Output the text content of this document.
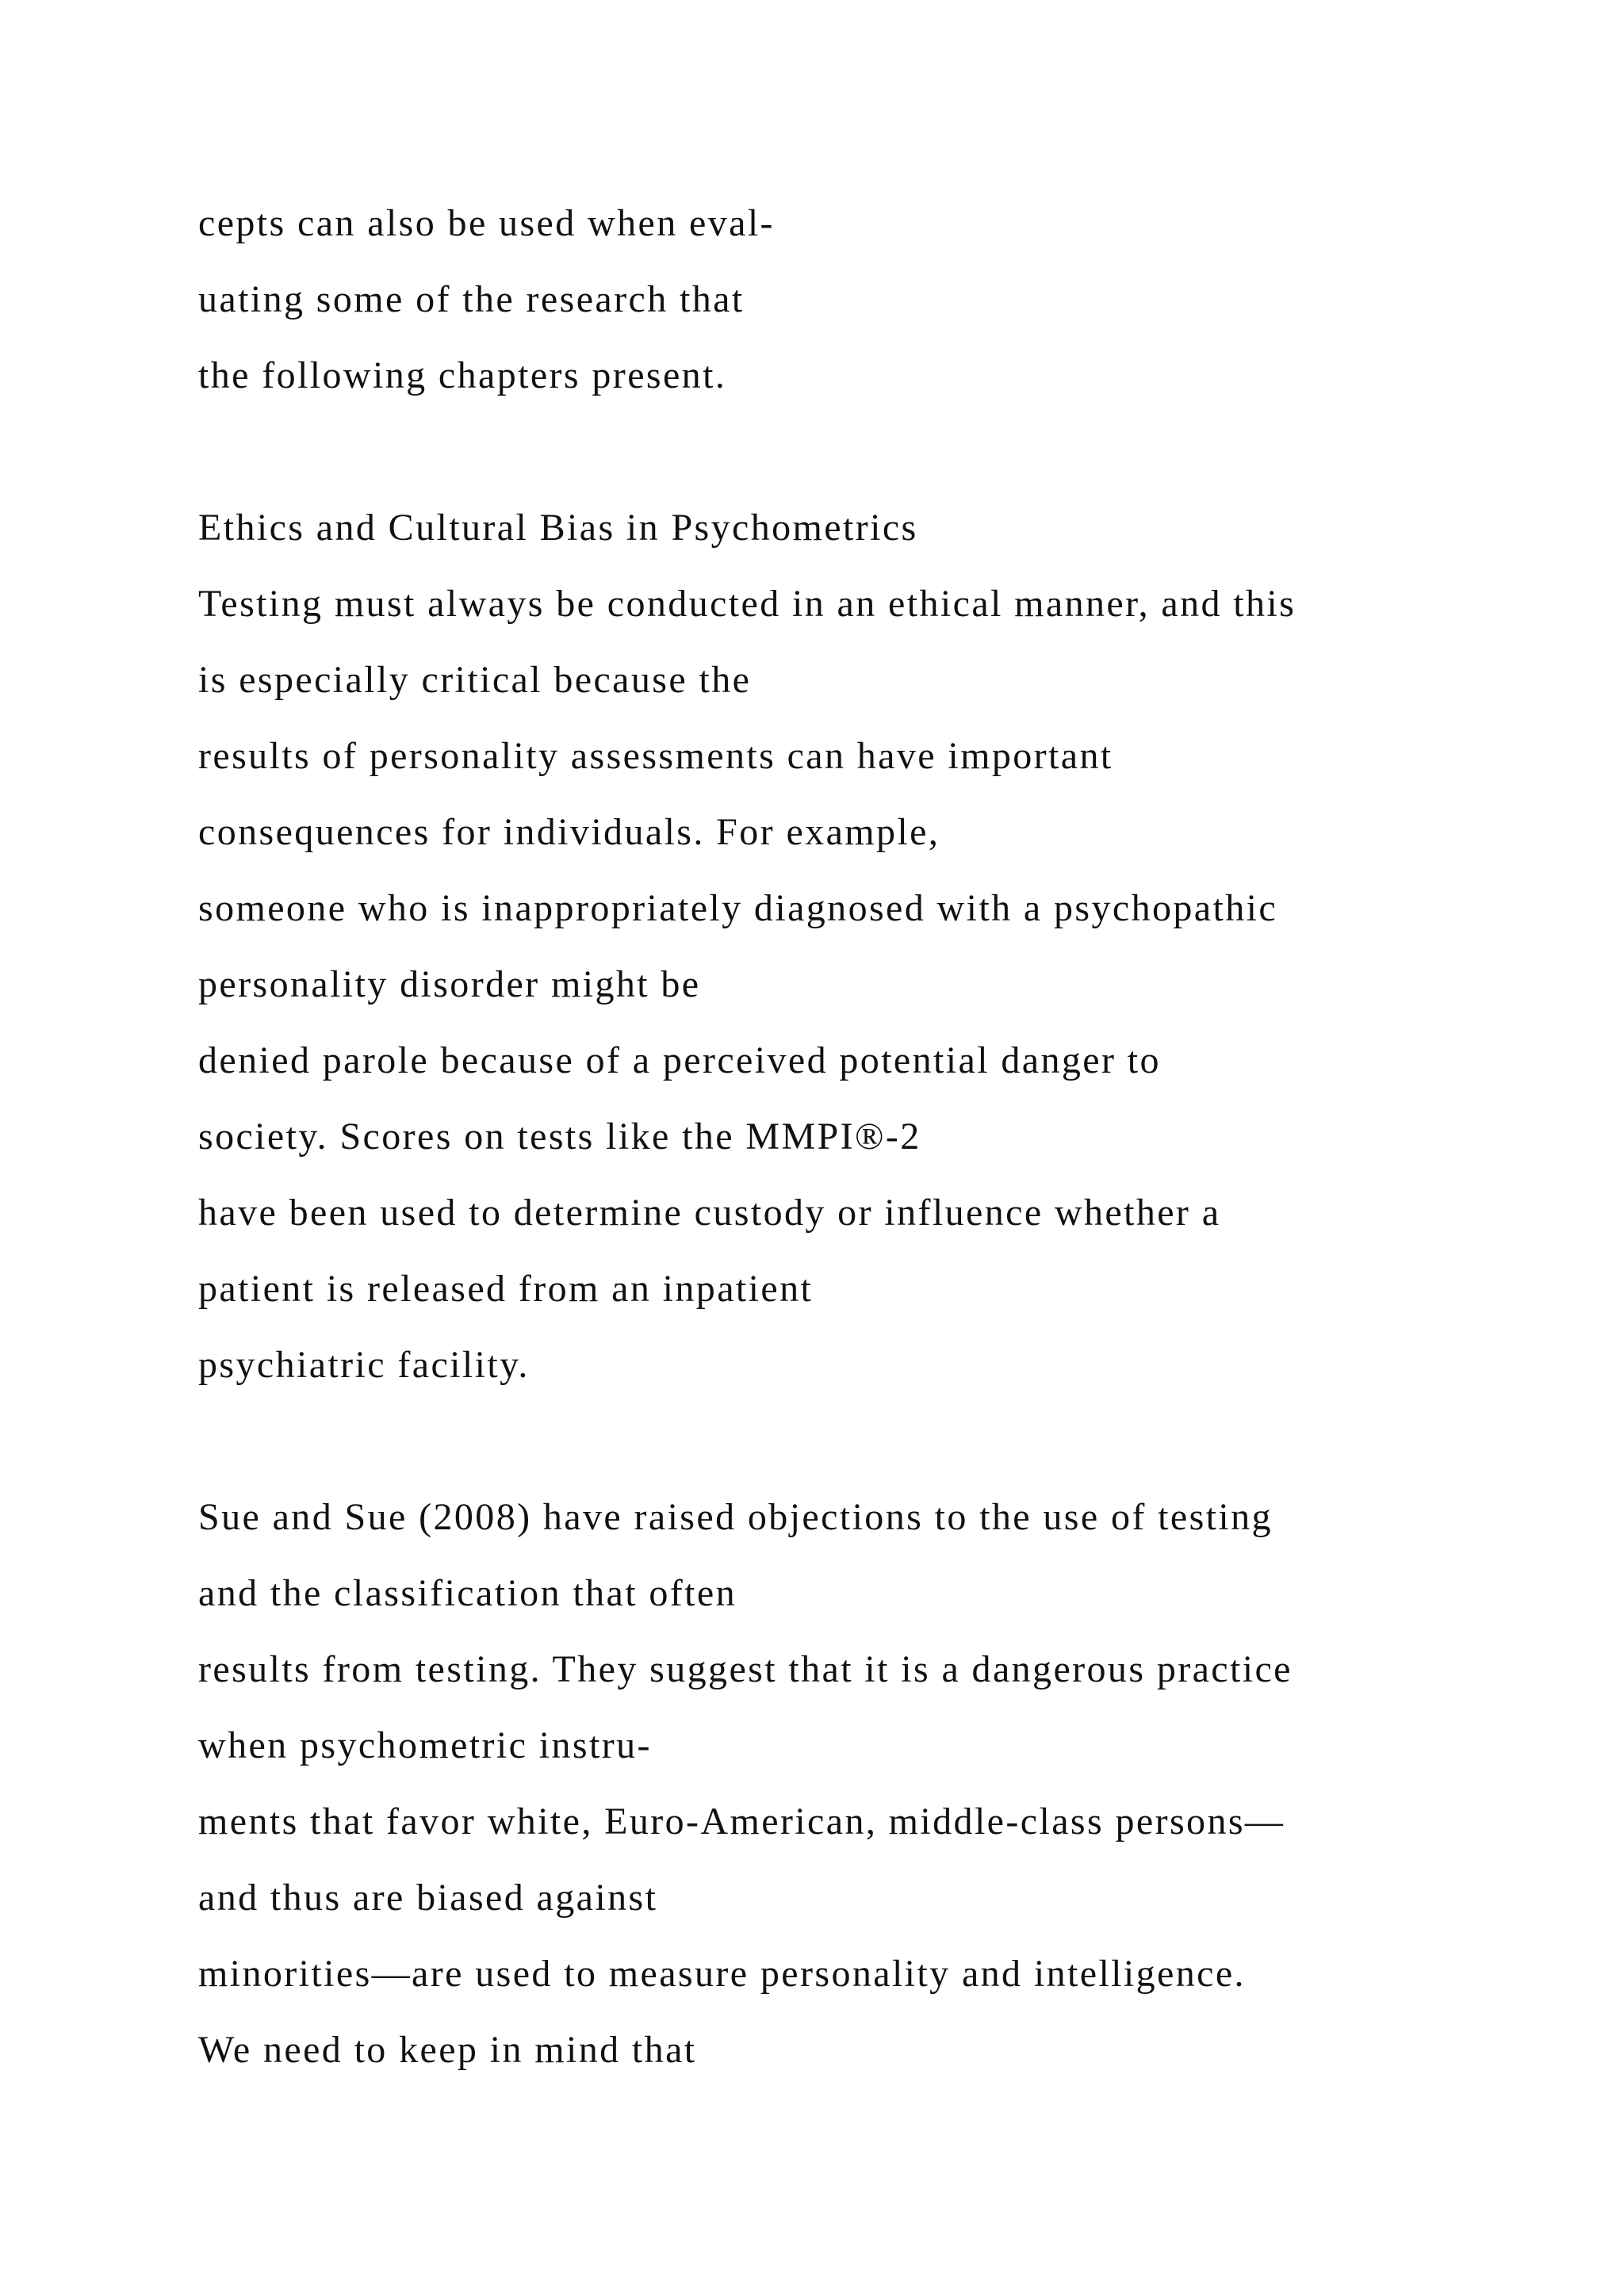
cepts can also be used when eval-

uating some of the research that

the following chapters present.

Ethics and Cultural Bias in Psychometrics

Testing must always be conducted in an ethical manner, and this

is especially critical because the

results of personality assessments can have important

consequences for individuals. For example,

someone who is inappropriately diagnosed with a psychopathic

personality disorder might be

denied parole because of a perceived potential danger to

society. Scores on tests like the MMPI®-2

have been used to determine custody or influence whether a

patient is released from an inpatient

psychiatric facility.

Sue and Sue (2008) have raised objections to the use of testing

and the classification that often

results from testing. They suggest that it is a dangerous practice

when psychometric instru-

ments that favor white, Euro-American, middle-class persons—

and thus are biased against

minorities—are used to measure personality and intelligence.

We need to keep in mind that
